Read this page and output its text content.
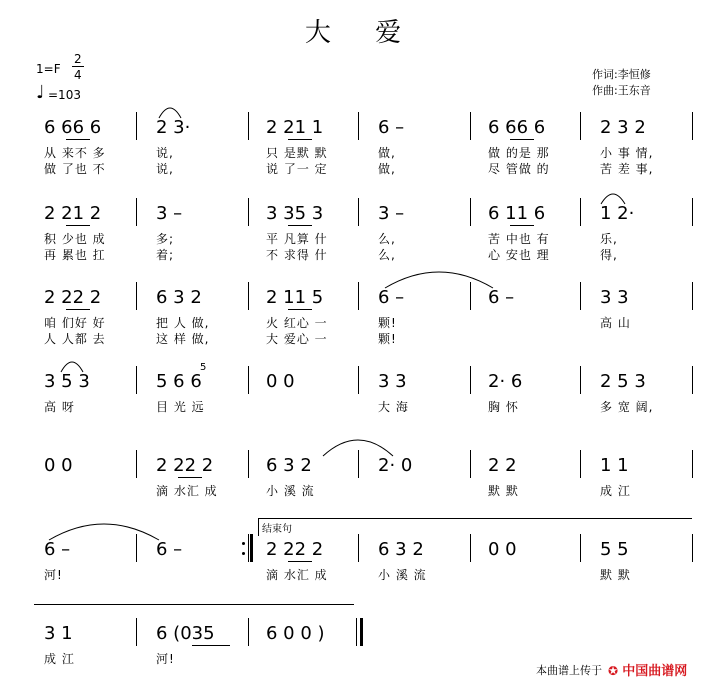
大 爱
1=F
2
4
♩ =103
作词:李恒修
作曲:王东音
6 66 6
从 来不 多
做 了也 不
2 3·
说,
说,
2 21 1
只 是默 默
说 了一 定
6 –
做,
做,
6 66 6
做 的是 那
尽 管做 的
2 3 2
小 事 情,
苦 差 事,
2 21 2
积 少也 成
再 累也 扛
3 –
多;
着;
3 35 3
平 凡算 什
不 求得 什
3 –
么,
么,
6 11 6
苦 中也 有
心 安也 理
1 2·
乐,
得,
2 22 2
咱 们好 好
人 人都 去
6 3 2
把 人 做,
这 样 做,
2 11 5
火 红心 一
大 爱心 一
6 –
颗!
颗!
6 –	3 3
高 山
3 5 3
高 呀
5 6 6
目 光 远
0 0	3 3
大 海
2· 6
胸 怀
2 5 3
多 宽 阔,
0 0	2 22 2
滴 水汇 成
6 3 2
小 溪 流
2· 0	2 2
默 默
1 1
成 江
6 –
河!
6 –	2 22 2
滴 水汇 成
6 3 2
小 溪 流
0 0	5 5
默 默
3 1
成 江
6 (035
河!
6 0 0 )
结束句
5
本曲谱上传于 ✪ 中国曲谱网
